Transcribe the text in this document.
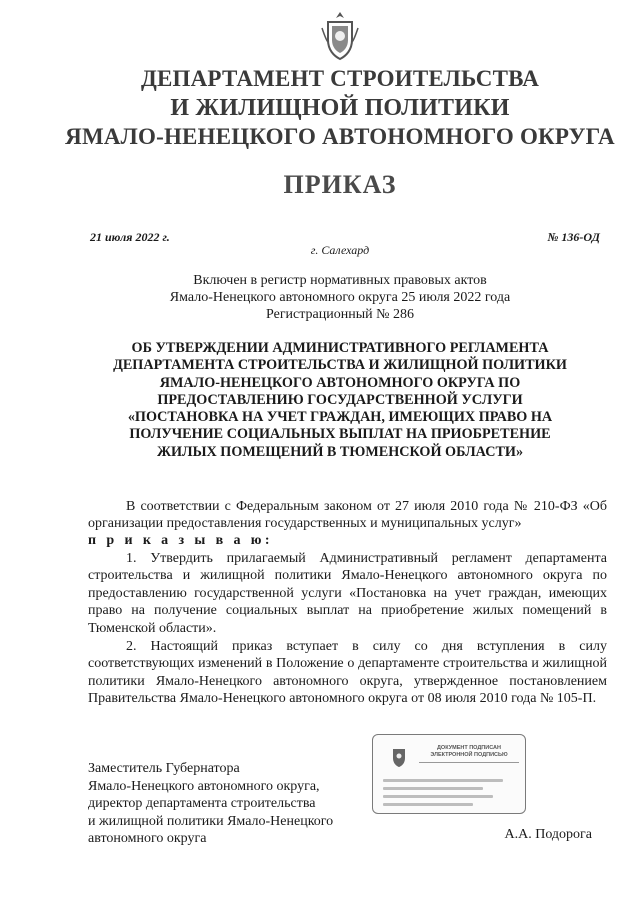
ДЕПАРТАМЕНТ СТРОИТЕЛЬСТВА
И ЖИЛИЩНОЙ ПОЛИТИКИ
ЯМАЛО-НЕНЕЦКОГО АВТОНОМНОГО ОКРУГА
ПРИКАЗ
21 июля 2022 г.	№ 136-ОД
г. Салехард
Включен в регистр нормативных правовых актов
Ямало-Ненецкого автономного округа 25 июля 2022 года
Регистрационный № 286
ОБ УТВЕРЖДЕНИИ АДМИНИСТРАТИВНОГО РЕГЛАМЕНТА
ДЕПАРТАМЕНТА СТРОИТЕЛЬСТВА И ЖИЛИЩНОЙ ПОЛИТИКИ
ЯМАЛО-НЕНЕЦКОГО АВТОНОМНОГО ОКРУГА ПО
ПРЕДОСТАВЛЕНИЮ ГОСУДАРСТВЕННОЙ УСЛУГИ
«ПОСТАНОВКА НА УЧЕТ ГРАЖДАН, ИМЕЮЩИХ ПРАВО НА
ПОЛУЧЕНИЕ СОЦИАЛЬНЫХ ВЫПЛАТ НА ПРИОБРЕТЕНИЕ
ЖИЛЫХ ПОМЕЩЕНИЙ В ТЮМЕНСКОЙ ОБЛАСТИ»

В соответствии с Федеральным законом от 27 июля 2010 года № 210-ФЗ «Об организации предоставления государственных и муниципальных услуг»

п р и к а з ы в а ю:

1. Утвердить прилагаемый Административный регламент департамента строительства и жилищной политики Ямало-Ненецкого автономного округа по предоставлению государственной услуги «Постановка на учет граждан, имеющих право на получение социальных выплат на приобретение жилых помещений в Тюменской области».

2. Настоящий приказ вступает в силу со дня вступления в силу соответствующих изменений в Положение о департаменте строительства и жилищной политики Ямало-Ненецкого автономного округа, утвержденное постановлением Правительства Ямало-Ненецкого автономного округа от 08 июля 2010 года № 105-П.

Заместитель Губернатора
Ямало-Ненецкого автономного округа,
директор департамента строительства
и жилищной политики Ямало-Ненецкого
автономного округа
ДОКУМЕНТ ПОДПИСАН
ЭЛЕКТРОННОЙ ПОДПИСЬЮ
А.А. Подорога
